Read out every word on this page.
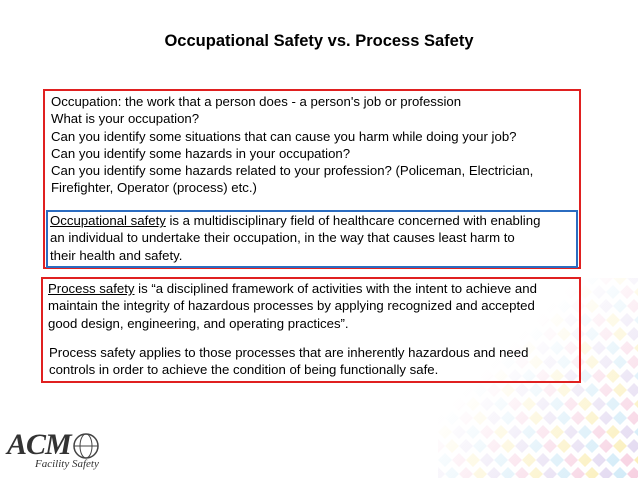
Occupational Safety vs. Process Safety
Occupation: the work that a person does - a person's job or profession
What is your occupation?
Can you identify some situations that can cause you harm while doing your job?
Can you identify some hazards in your occupation?
Can you identify some hazards related to your profession? (Policeman, Electrician,
Firefighter, Operator (process) etc.)
Occupational safety is a multidisciplinary field of healthcare concerned with enabling
an individual to undertake their occupation, in the way that causes least harm to
their health and safety.
Process safety is “a disciplined framework of activities with the intent to achieve and
maintain the integrity of hazardous processes by applying recognized and accepted
good design, engineering, and operating practices”.
Process safety applies to those processes that are inherently hazardous and need
controls in order to achieve the condition of being functionally safe.
ACM
Facility Safety
